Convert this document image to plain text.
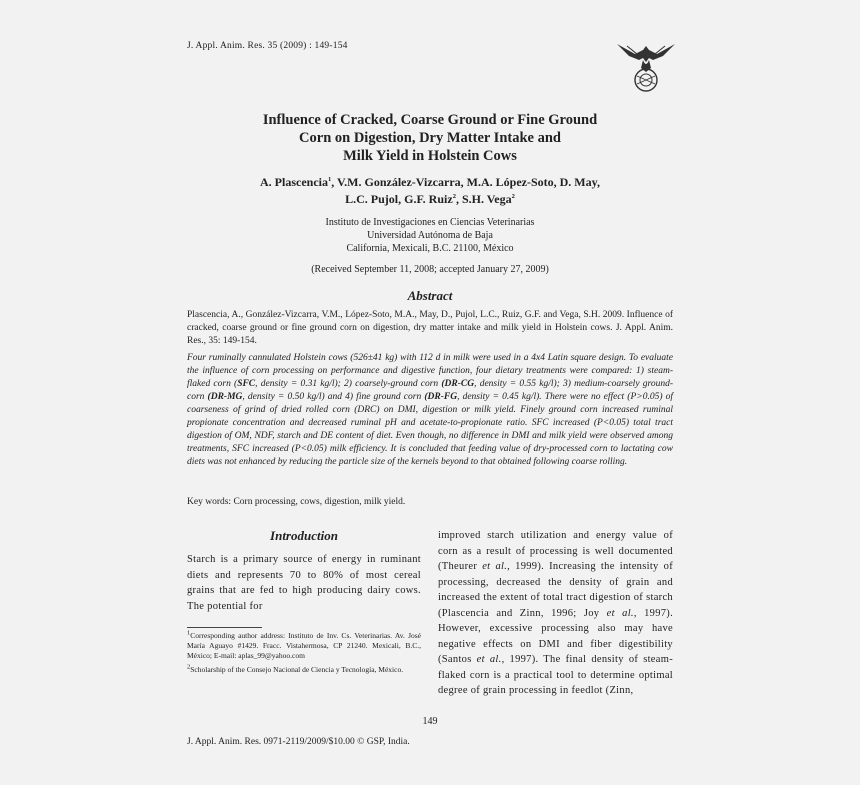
J. Appl. Anim. Res. 35 (2009) : 149-154
Influence of Cracked, Coarse Ground or Fine Ground
Corn on Digestion, Dry Matter Intake and
Milk Yield in Holstein Cows
A. Plascencia$^1$, V.M. González-Vizcarra, M.A. López-Soto, D. May,
L.C. Pujol, G.F. Ruiz$^2$, S.H. Vega$^2$
Instituto de Investigaciones en Ciencias Veterinarias
Universidad Autónoma de Baja
California, Mexicali, B.C. 21100, México
(Received September 11, 2008; accepted January 27, 2009)
Abstract
Plascencia, A., González-Vizcarra, V.M., López-Soto, M.A., May, D., Pujol, L.C., Ruiz, G.F. and Vega, S.H. 2009. Influence of cracked, coarse ground or fine ground corn on digestion, dry matter intake and milk yield in Holstein cows. J. Appl. Anim. Res., 35: 149-154.
Four ruminally cannulated Holstein cows (526±41 kg) with 112 d in milk were used in a 4x4 Latin square design. To evaluate the influence of corn processing on performance and digestive function, four dietary treatments were compared: 1) steam-flaked corn (SFC, density = 0.31 kg/l); 2) coarsely-ground corn (DR-CG, density = 0.55 kg/l); 3) medium-coarsely ground-corn (DR-MG, density = 0.50 kg/l) and 4) fine ground corn (DR-FG, density = 0.45 kg/l). There were no effect (P>0.05) of coarseness of grind of dried rolled corn (DRC) on DMI, digestion or milk yield. Finely ground corn increased ruminal propionate concentration and decreased ruminal pH and acetate-to-propionate ratio. SFC increased (P<0.05) total tract digestion of OM, NDF, starch and DE content of diet. Even though, no difference in DMI and milk yield were observed among treatments, SFC increased (P<0.05) milk efficiency. It is concluded that feeding value of dry-processed corn to lactating cow diets was not enhanced by reducing the particle size of the kernels beyond to that obtained following coarse rolling.
Key words: Corn processing, cows, digestion, milk yield.
Introduction
Starch is a primary source of energy in ruminant diets and represents 70 to 80% of most cereal grains that are fed to high producing dairy cows. The potential for

$^1$Corresponding author address: Instituto de Inv. Cs. Veterinarias. Av. José María Aguayo #1429. Fracc. Vistahermosa, CP 21240. Mexicali, B.C., México; E-mail: aplas_99@yahoo.com

$^2$Scholarship of the Consejo Nacional de Ciencia y Tecnología, México.

improved starch utilization and energy value of corn as a result of processing is well documented (Theurer et al., 1999). Increasing the intensity of processing, decreased the density of grain and increased the extent of total tract digestion of starch (Plascencia and Zinn, 1996; Joy et al., 1997). However, excessive processing also may have negative effects on DMI and fiber digestibility (Santos et al., 1997). The final density of steam-flaked corn is a practical tool to determine optimal degree of grain processing in feedlot (Zinn,
149
J. Appl. Anim. Res. 0971-2119/2009/$10.00 © GSP, India.
